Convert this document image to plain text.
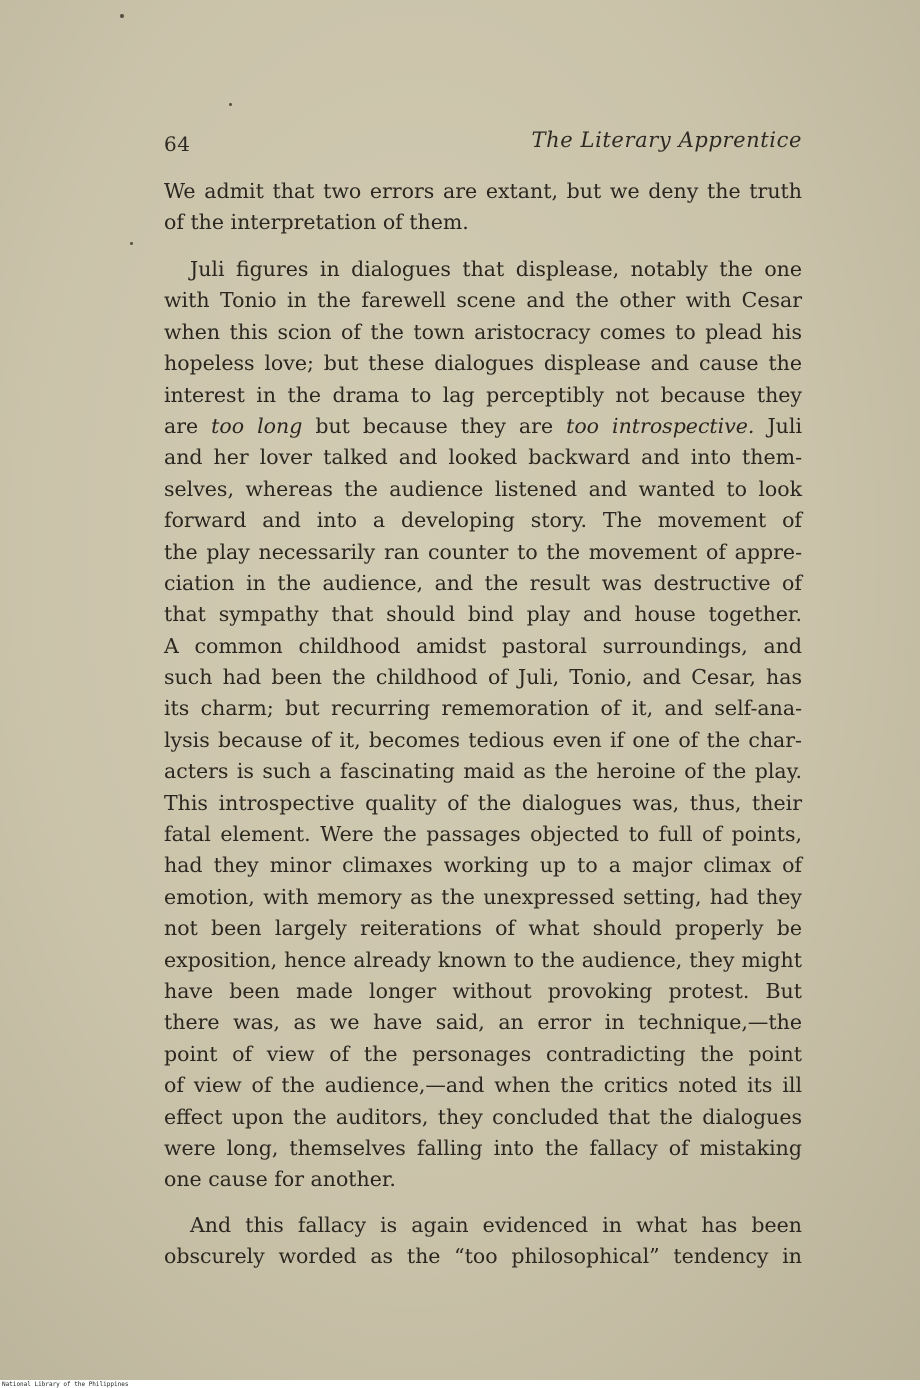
64	The Literary Apprentice
We admit that two errors are extant, but we deny the truth
of the interpretation of them.
Juli figures in dialogues that displease, notably the one
with Tonio in the farewell scene and the other with Cesar
when this scion of the town aristocracy comes to plead his
hopeless love; but these dialogues displease and cause the
interest in the drama to lag perceptibly not because they
are too long but because they are too introspective. Juli
and her lover talked and looked backward and into them-
selves, whereas the audience listened and wanted to look
forward and into a developing story. The movement of
the play necessarily ran counter to the movement of appre-
ciation in the audience, and the result was destructive of
that sympathy that should bind play and house together.
A common childhood amidst pastoral surroundings, and
such had been the childhood of Juli, Tonio, and Cesar, has
its charm; but recurring rememoration of it, and self-ana-
lysis because of it, becomes tedious even if one of the char-
acters is such a fascinating maid as the heroine of the play.
This introspective quality of the dialogues was, thus, their
fatal element. Were the passages objected to full of points,
had they minor climaxes working up to a major climax of
emotion, with memory as the unexpressed setting, had they
not been largely reiterations of what should properly be
exposition, hence already known to the audience, they might
have been made longer without provoking protest. But
there was, as we have said, an error in technique,—the
point of view of the personages contradicting the point
of view of the audience,—and when the critics noted its ill
effect upon the auditors, they concluded that the dialogues
were long, themselves falling into the fallacy of mistaking
one cause for another.
And this fallacy is again evidenced in what has been
obscurely worded as the “too philosophical” tendency in
National Library of the Philippines
